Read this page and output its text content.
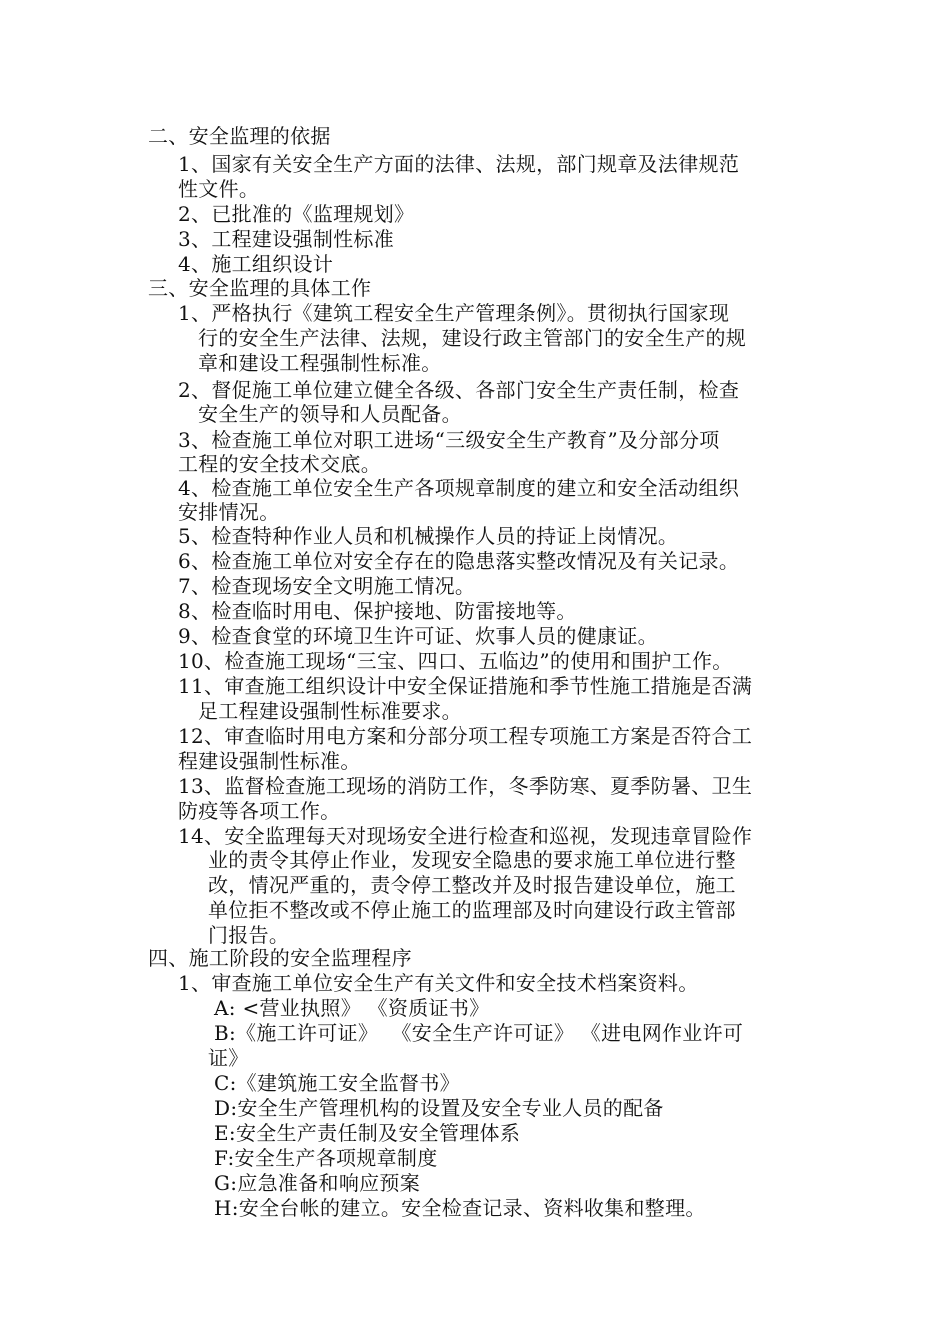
二、安全监理的依据
1、国家有关安全生产方面的法律、法规，部门规章及法律规范
性文件。
2、已批准的《监理规划》
3、工程建设强制性标准
4、施工组织设计
三、安全监理的具体工作
1、严格执行《建筑工程安全生产管理条例》。贯彻执行国家现
行的安全生产法律、法规，建设行政主管部门的安全生产的规
章和建设工程强制性标准。
2、督促施工单位建立健全各级、各部门安全生产责任制，检查
安全生产的领导和人员配备。
3、检查施工单位对职工进场“三级安全生产教育”及分部分项
工程的安全技术交底。
4、检查施工单位安全生产各项规章制度的建立和安全活动组织
安排情况。
5、检查特种作业人员和机械操作人员的持证上岗情况。
6、检查施工单位对安全存在的隐患落实整改情况及有关记录。
7、检查现场安全文明施工情况。
8、检查临时用电、保护接地、防雷接地等。
9、检查食堂的环境卫生许可证、炊事人员的健康证。
10、检查施工现场“三宝、四口、五临边”的使用和围护工作。
11、审查施工组织设计中安全保证措施和季节性施工措施是否满
足工程建设强制性标准要求。
12、审查临时用电方案和分部分项工程专项施工方案是否符合工
程建设强制性标准。
13、监督检查施工现场的消防工作，冬季防寒、夏季防暑、卫生
防疫等各项工作。
14、安全监理每天对现场安全进行检查和巡视，发现违章冒险作
业的责令其停止作业，发现安全隐患的要求施工单位进行整
改，情况严重的，责令停工整改并及时报告建设单位，施工
单位拒不整改或不停止施工的监理部及时向建设行政主管部
门报告。
四、施工阶段的安全监理程序
1、审查施工单位安全生产有关文件和安全技术档案资料。
A: <营业执照》 《资质证书》
B:《施工许可证》  《安全生产许可证》 《进电网作业许可
证》
C:《建筑施工安全监督书》
D:安全生产管理机构的设置及安全专业人员的配备
E:安全生产责任制及安全管理体系
F:安全生产各项规章制度
G:应急准备和响应预案
H:安全台帐的建立。安全检查记录、资料收集和整理。
